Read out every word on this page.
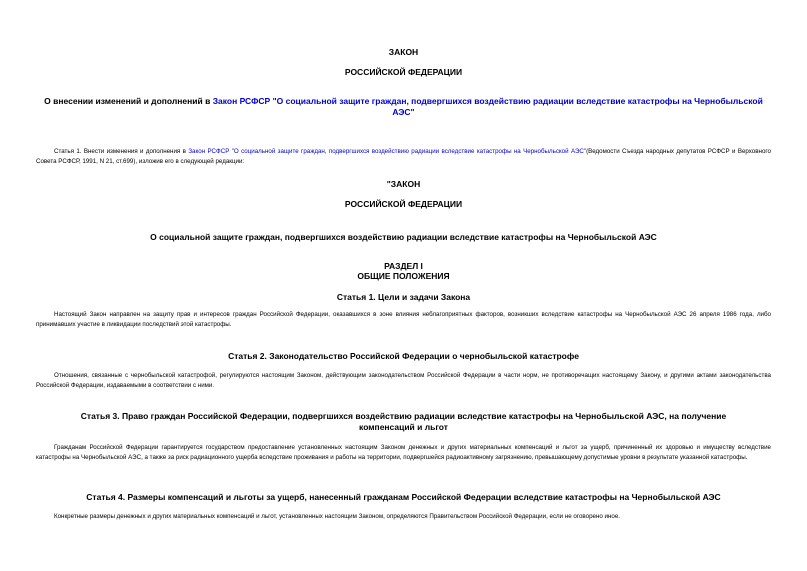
ЗАКОН
РОССИЙСКОЙ ФЕДЕРАЦИИ
О внесении изменений и дополнений в Закон РСФСР "О социальной защите граждан, подвергшихся воздействию радиации вследствие катастрофы на Чернобыльской АЭС"

Статья 1. Внести изменения и дополнения в Закон РСФСР "О социальной защите граждан, подвергшихся воздействию радиации вследствие катастрофы на Чернобыльской АЭС"(Ведомости Съезда народных депутатов РСФСР и Верховного Совета РСФСР, 1991, N 21, ст.699), изложив его в следующей редакции:

"ЗАКОН
РОССИЙСКОЙ ФЕДЕРАЦИИ
О социальной защите граждан, подвергшихся воздействию радиации вследствие катастрофы на Чернобыльской АЭС
РАЗДЕЛ I
ОБЩИЕ ПОЛОЖЕНИЯ
Статья 1. Цели и задачи Закона

Настоящий Закон направлен на защиту прав и интересов граждан Российской Федерации, оказавшихся в зоне влияния неблагоприятных факторов, возникших вследствие катастрофы на Чернобыльской АЭС 26 апреля 1986 года, либо принимавших участие в ликвидации последствий этой катастрофы.

Статья 2. Законодательство Российской Федерации о чернобыльской катастрофе

Отношения, связанные с чернобыльской катастрофой, регулируются настоящим Законом, действующим законодательством Российской Федерации в части норм, не противоречащих настоящему Закону, и другими актами законодательства Российской Федерации, издаваемыми в соответствии с ними.

Статья 3. Право граждан Российской Федерации, подвергшихся воздействию радиации вследствие катастрофы на Чернобыльской АЭС, на получение компенсаций и льгот

Гражданам Российской Федерации гарантируется государством предоставление установленных настоящим Законом денежных и других материальных компенсаций и льгот за ущерб, причиненный их здоровью и имуществу вследствие катастрофы на Чернобыльской АЭС, а также за риск радиационного ущерба вследствие проживания и работы на территории, подвергшейся радиоактивному загрязнению, превышающему допустимые уровни в результате указанной катастрофы.

Статья 4. Размеры компенсаций и льготы за ущерб, нанесенный гражданам Российской Федерации вследствие катастрофы на Чернобыльской АЭС

Конкретные размеры денежных и других материальных компенсаций и льгот, установленных настоящим Законом, определяются Правительством Российской Федерации, если не оговорено иное.
